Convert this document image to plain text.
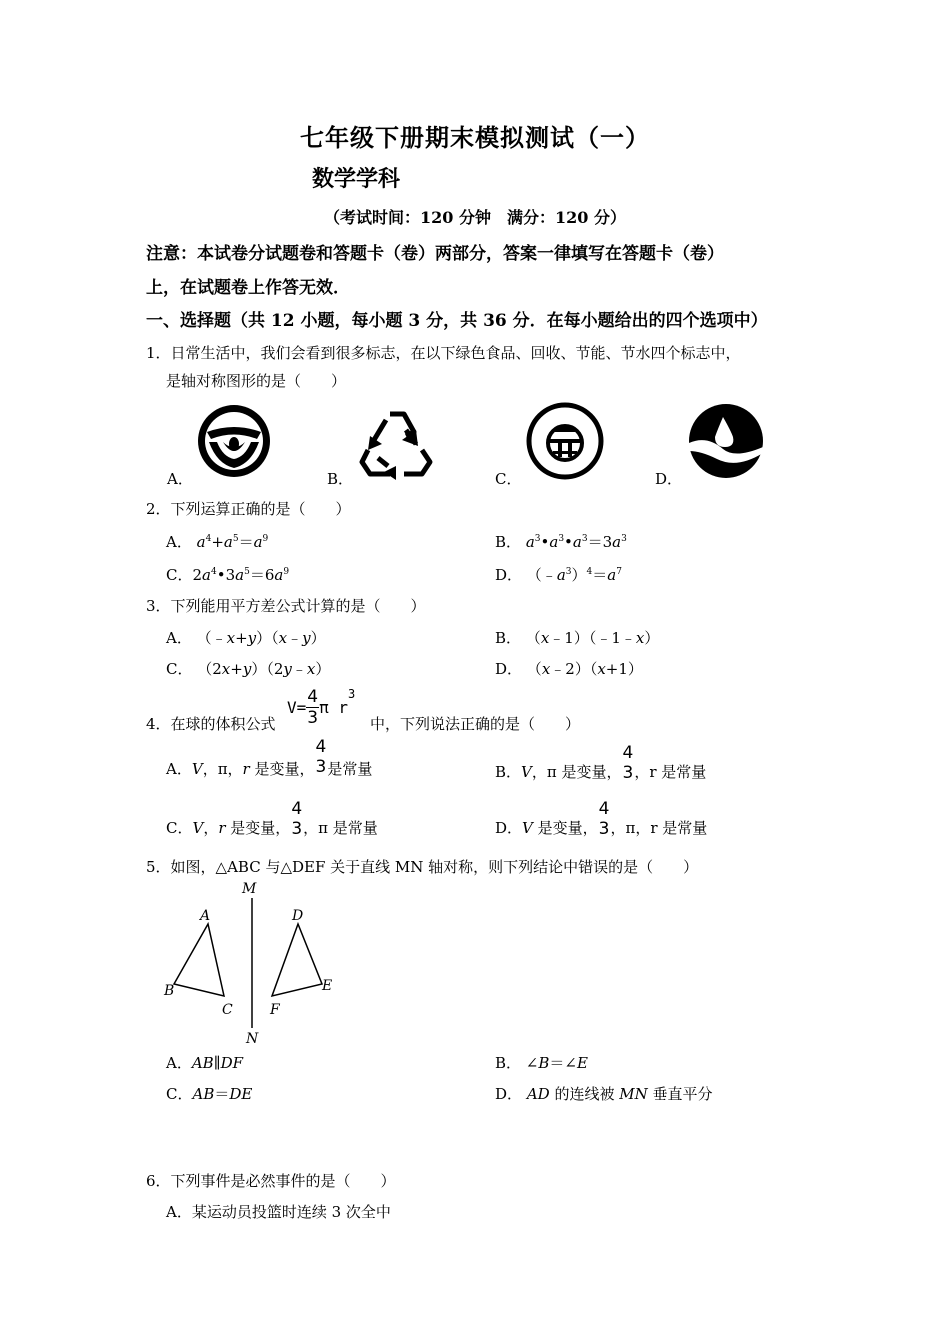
七年级下册期末模拟测试（一）
数学学科
（考试时间：120 分钟　满分：120 分）
注意：本试卷分试题卷和答题卡（卷）两部分，答案一律填写在答题卡（卷）
上，在试题卷上作答无效．
一、选择题（共 12 小题，每小题 3 分，共 36 分．在每小题给出的四个选项中）
1．日常生活中，我们会看到很多标志，在以下绿色食品、回收、节能、节水四个标志中，
是轴对称图形的是（　　）
A．	B．	C．	D．
2．下列运算正确的是（　　）
A． $a^4+a^5=a^9$	B． $a^3•a^3•a^3=3a^3$
C．$2a^4•3a^5=6a^9$	D． $(﹣a^3)^4=a^7$
3．下列能用平方差公式计算的是（　　）
A． （﹣x+y）（x﹣y）	B． （x﹣1）（﹣1﹣x）
C． （2x+y）（2y﹣x）	D． （x﹣2）（x+1）
4．在球的体积公式
$V= \frac{4}{3}$ π $r^3$
中，下列说法正确的是（　　）
A．V，π，r 是变量，
4
3 是常量	B．V，π 是变量，
4
3 ，r 是常量
C．V，r 是变量，
4
3 ，π 是常量	D．V 是变量，
4
3 ，π，r 是常量
5．如图，△ABC 与△DEF 关于直线 MN 轴对称，则下列结论中错误的是（　　）
M
N
A
B
C
D
E
F
A．AB∥DF	B． ∠B＝∠E
C．AB＝DE	D． AD 的连线被 MN 垂直平分
6．下列事件是必然事件的是（　　）
A．某运动员投篮时连续 3 次全中
